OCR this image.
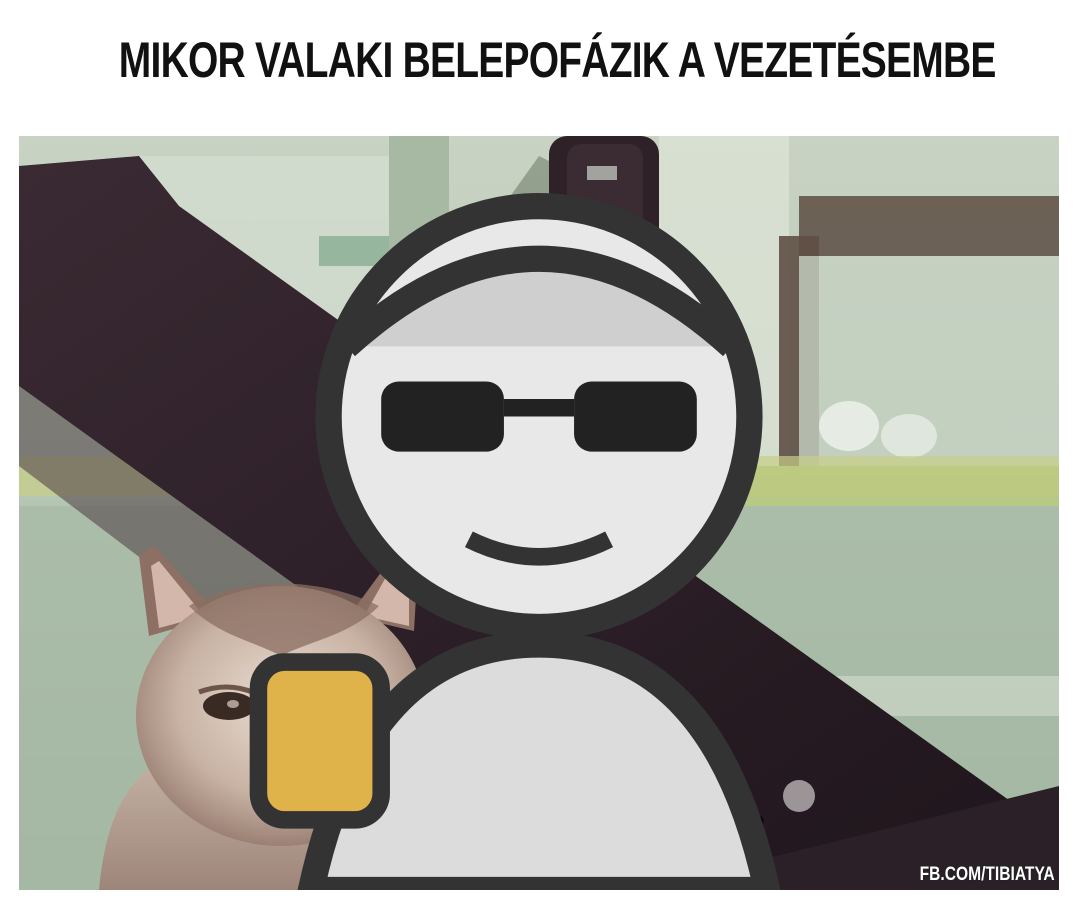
MIKOR VALAKI BELEPOFÁZIK A VEZETÉSEMBE
FB.COM/TIBIATYA
